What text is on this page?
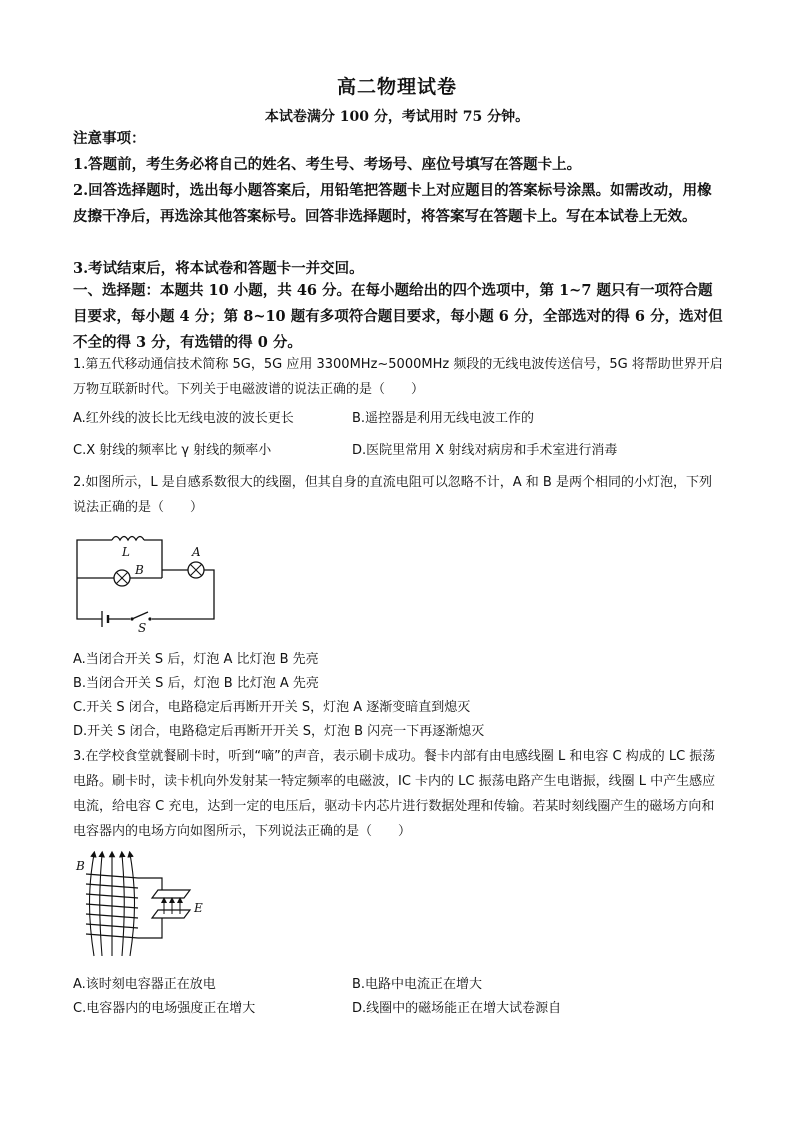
高二物理试卷
本试卷满分 100 分，考试用时 75 分钟。
注意事项：
1.答题前，考生务必将自己的姓名、考生号、考场号、座位号填写在答题卡上。
2.回答选择题时，选出每小题答案后，用铅笔把答题卡上对应题目的答案标号涂黑。如需改动，用橡皮擦干净后，再选涂其他答案标号。回答非选择题时，将答案写在答题卡上。写在本试卷上无效。
3.考试结束后，将本试卷和答题卡一并交回。
一、选择题：本题共 10 小题，共 46 分。在每小题给出的四个选项中，第 1~7 题只有一项符合题目要求，每小题 4 分；第 8~10 题有多项符合题目要求，每小题 6 分，全部选对的得 6 分，选对但不全的得 3 分，有选错的得 0 分。
1.第五代移动通信技术简称 5G，5G 应用 3300MHz~5000MHz 频段的无线电波传送信号，5G 将帮助世界开启万物互联新时代。下列关于电磁波谱的说法正确的是（　　）
A.红外线的波长比无线电波的波长更长	B.遥控器是利用无线电波工作的
C.X 射线的频率比 γ 射线的频率小	D.医院里常用 X 射线对病房和手术室进行消毒
2.如图所示，L 是自感系数很大的线圈，但其自身的直流电阻可以忽略不计，A 和 B 是两个相同的小灯泡，下列说法正确的是（　　）
L
B
A
S
A.当闭合开关 S 后，灯泡 A 比灯泡 B 先亮
B.当闭合开关 S 后，灯泡 B 比灯泡 A 先亮
C.开关 S 闭合，电路稳定后再断开开关 S，灯泡 A 逐渐变暗直到熄灭
D.开关 S 闭合，电路稳定后再断开开关 S，灯泡 B 闪亮一下再逐渐熄灭
3.在学校食堂就餐刷卡时，听到“嘀”的声音，表示刷卡成功。餐卡内部有由电感线圈 L 和电容 C 构成的 LC 振荡电路。刷卡时，读卡机向外发射某一特定频率的电磁波，IC 卡内的 LC 振荡电路产生电谐振，线圈 L 中产生感应电流，给电容 C 充电，达到一定的电压后，驱动卡内芯片进行数据处理和传输。若某时刻线圈产生的磁场方向和电容器内的电场方向如图所示，下列说法正确的是（　　）
B
E
A.该时刻电容器正在放电	B.电路中电流正在增大
C.电容器内的电场强度正在增大	D.线圈中的磁场能正在增大试卷源自
